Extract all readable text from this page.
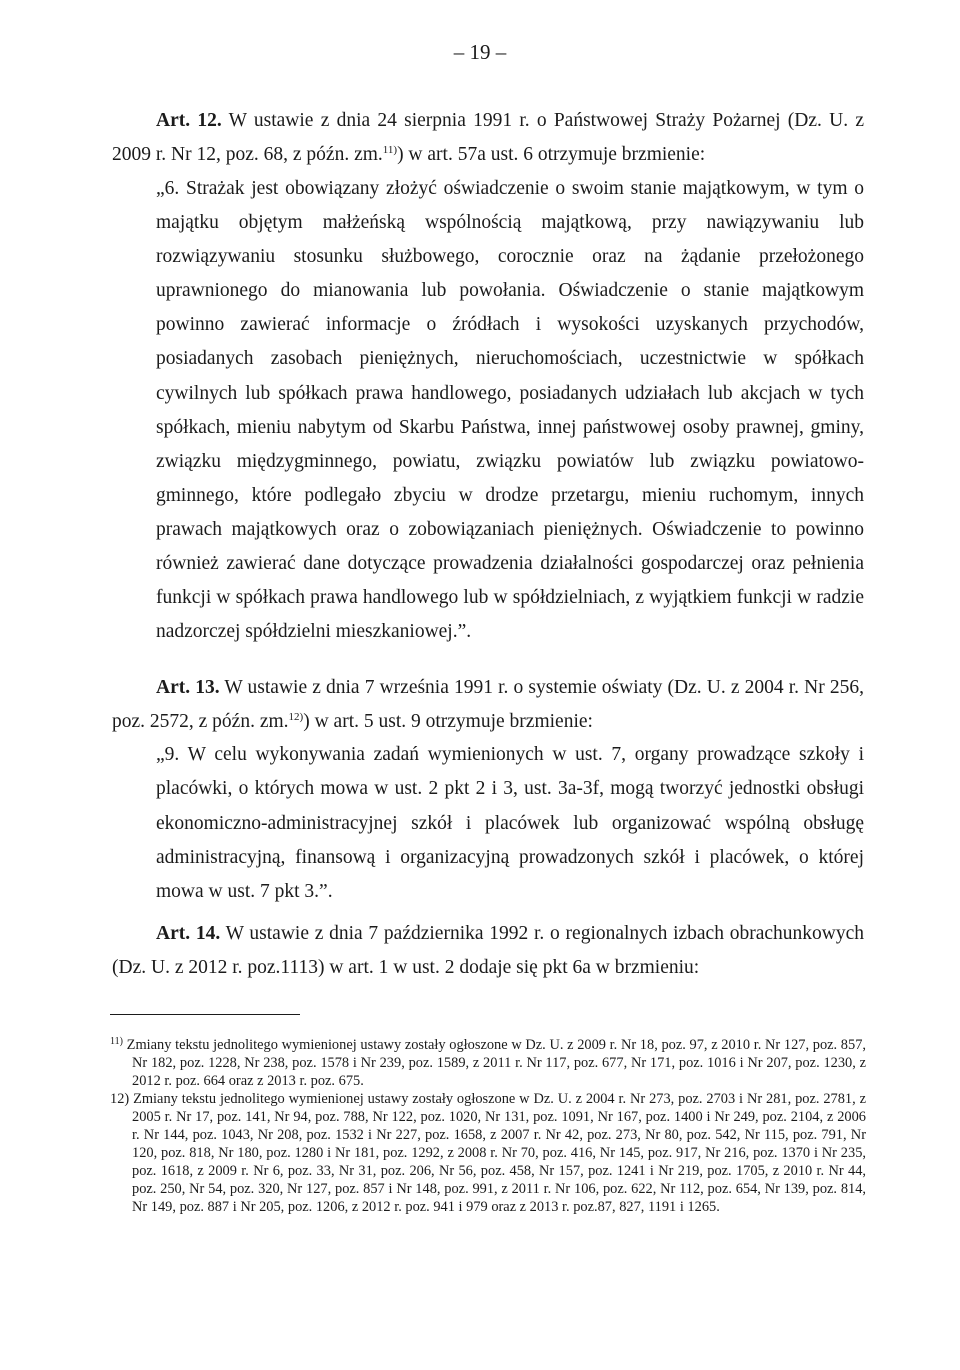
– 19 –

Art. 12. W ustawie z dnia 24 sierpnia 1991 r. o Państwowej Straży Pożarnej (Dz. U. z 2009 r. Nr 12, poz. 68, z późn. zm.$^{11)}$) w art. 57a ust. 6 otrzymuje brzmienie:

„6. Strażak jest obowiązany złożyć oświadczenie o swoim stanie majątkowym, w tym o majątku objętym małżeńską wspólnością majątkową, przy nawiązywaniu lub rozwiązywaniu stosunku służbowego, corocznie oraz na żądanie przełożonego uprawnionego do mianowania lub powołania. Oświadczenie o stanie majątkowym powinno zawierać informacje o źródłach i wysokości uzyskanych przychodów, posiadanych zasobach pieniężnych, nieruchomościach, uczestnictwie w spółkach cywilnych lub spółkach prawa handlowego, posiadanych udziałach lub akcjach w tych spółkach, mieniu nabytym od Skarbu Państwa, innej państwowej osoby prawnej, gminy, związku międzygminnego, powiatu, związku powiatów lub związku powiatowo-gminnego, które podlegało zbyciu w drodze przetargu, mieniu ruchomym, innych prawach majątkowych oraz o zobowiązaniach pieniężnych. Oświadczenie to powinno również zawierać dane dotyczące prowadzenia działalności gospodarczej oraz pełnienia funkcji w spółkach prawa handlowego lub w spółdzielniach, z wyjątkiem funkcji w radzie nadzorczej spółdzielni mieszkaniowej.”.

Art. 13. W ustawie z dnia 7 września 1991 r. o systemie oświaty (Dz. U. z 2004 r. Nr 256, poz. 2572, z późn. zm.$^{12)}$) w art. 5 ust. 9 otrzymuje brzmienie:

„9. W celu wykonywania zadań wymienionych w ust. 7, organy prowadzące szkoły i placówki, o których mowa w ust. 2 pkt 2 i 3, ust. 3a-3f, mogą tworzyć jednostki obsługi ekonomiczno-administracyjnej szkół i placówek lub organizować wspólną obsługę administracyjną, finansową i organizacyjną prowadzonych szkół i placówek, o której mowa w ust. 7 pkt 3.”.

Art. 14. W ustawie z dnia 7 października 1992 r. o regionalnych izbach obrachunkowych (Dz. U. z 2012 r. poz.1113) w art. 1 w ust. 2 dodaje się pkt 6a w brzmieniu:

$^{11)}$ Zmiany tekstu jednolitego wymienionej ustawy zostały ogłoszone w Dz. U. z 2009 r. Nr 18, poz. 97, z 2010 r. Nr 127, poz. 857, Nr 182, poz. 1228, Nr 238, poz. 1578 i Nr 239, poz. 1589, z 2011 r. Nr 117, poz. 677, Nr 171, poz. 1016 i Nr 207, poz. 1230, z 2012 r. poz. 664 oraz z 2013 r. poz. 675.

12) Zmiany tekstu jednolitego wymienionej ustawy zostały ogłoszone w Dz. U. z 2004 r. Nr 273, poz. 2703 i Nr 281, poz. 2781, z 2005 r. Nr 17, poz. 141, Nr 94, poz. 788, Nr 122, poz. 1020, Nr 131, poz. 1091, Nr 167, poz. 1400 i Nr 249, poz. 2104, z 2006 r. Nr 144, poz. 1043, Nr 208, poz. 1532 i Nr 227, poz. 1658, z 2007 r. Nr 42, poz. 273, Nr 80, poz. 542, Nr 115, poz. 791, Nr 120, poz. 818, Nr 180, poz. 1280 i Nr 181, poz. 1292, z 2008 r. Nr 70, poz. 416, Nr 145, poz. 917, Nr 216, poz. 1370 i Nr 235, poz. 1618, z 2009 r. Nr 6, poz. 33, Nr 31, poz. 206, Nr 56, poz. 458, Nr 157, poz. 1241 i Nr 219, poz. 1705, z 2010 r. Nr 44, poz. 250, Nr 54, poz. 320, Nr 127, poz. 857 i Nr 148, poz. 991, z 2011 r. Nr 106, poz. 622, Nr 112, poz. 654, Nr 139, poz. 814, Nr 149, poz. 887 i Nr 205, poz. 1206, z 2012 r. poz. 941 i 979 oraz z 2013 r. poz.87, 827, 1191 i 1265.
